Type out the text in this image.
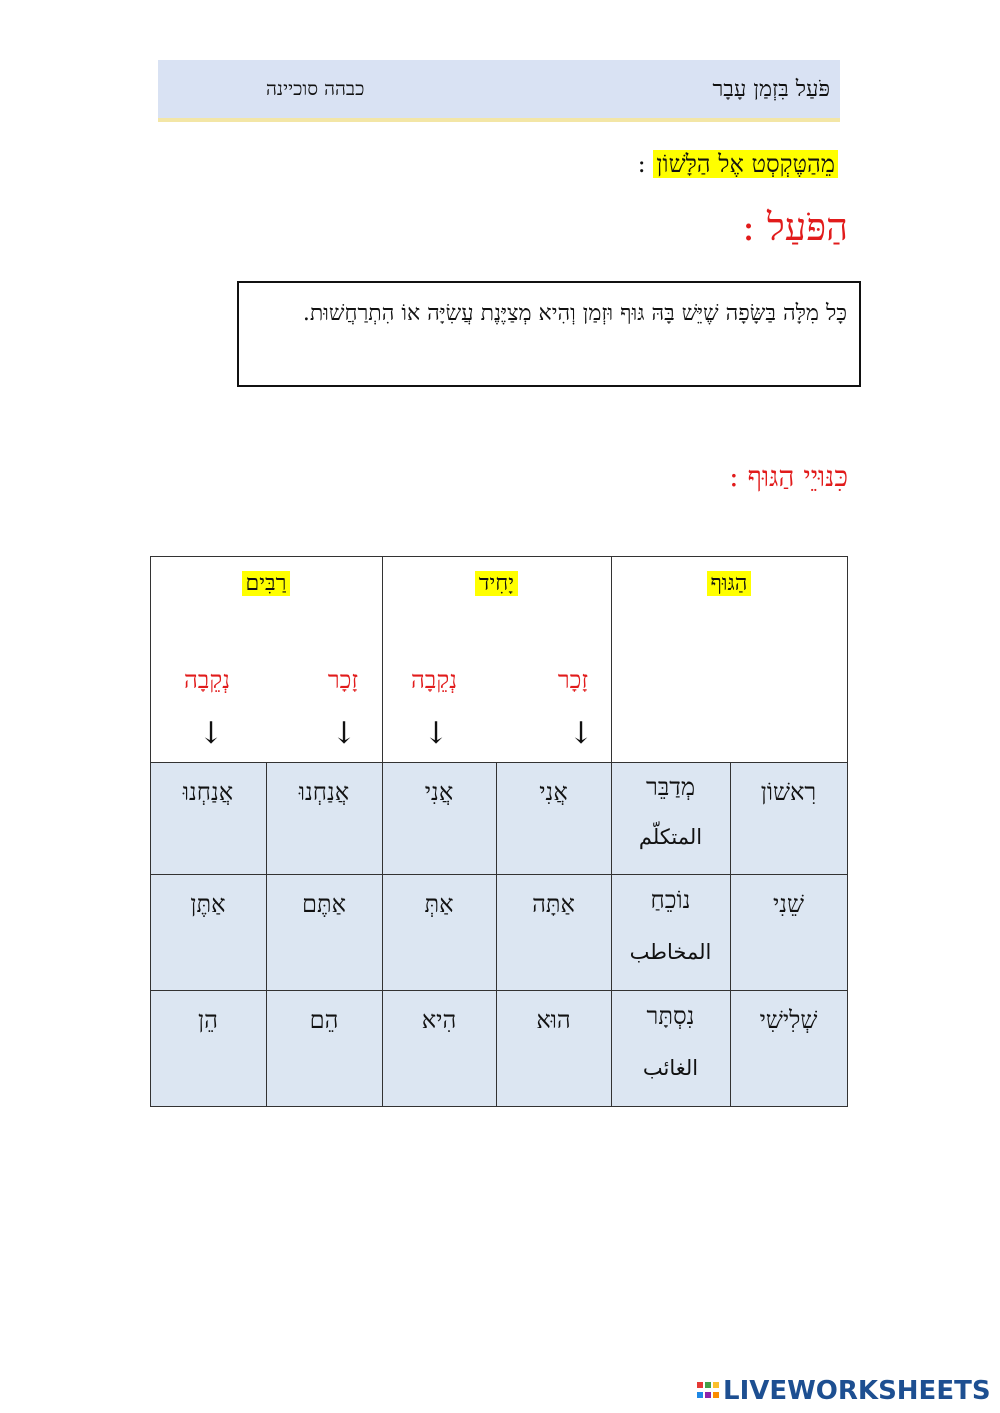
פֹּעַל בִּזְמַן עָבָר
כבהה סוכיינה
מֵהַטֶּקְסְט אֶל הַלָּשׁוֹן :
הַפֹּעַל :
כָּל מִלָּה בַּשָּׂפָה שֶׁיֵּשׁ בָּהּ גּוּף וּזְמַן וְהִיא מְצַיֶּנֶת עֲשִׂיָּה אוֹ הִתְרַחֲשׁוּת.
כִּנּוּיֵי הַגּוּף :
הַגּוּף
יָחִיד
רַבִּים
זָכָר
נְקֵבָה
זָכָר
נְקֵבָה
↓
↓
↓
↓
רִאשׁוֹן
מְדַבֵּר
المتكلّم
אֲנִי
אֲנִי
אֲנַחְנוּ
אֲנַחְנוּ
שֵׁנִי
נוֹכֵחַ
المخاطب
אַתָּה
אַתְּ
אַתֶּם
אַתֶּן
שְׁלִישִׁי
נִסְתָּר
الغائب
הוּא
הִיא
הֵם
הֵן
LIVEWORKSHEETS
